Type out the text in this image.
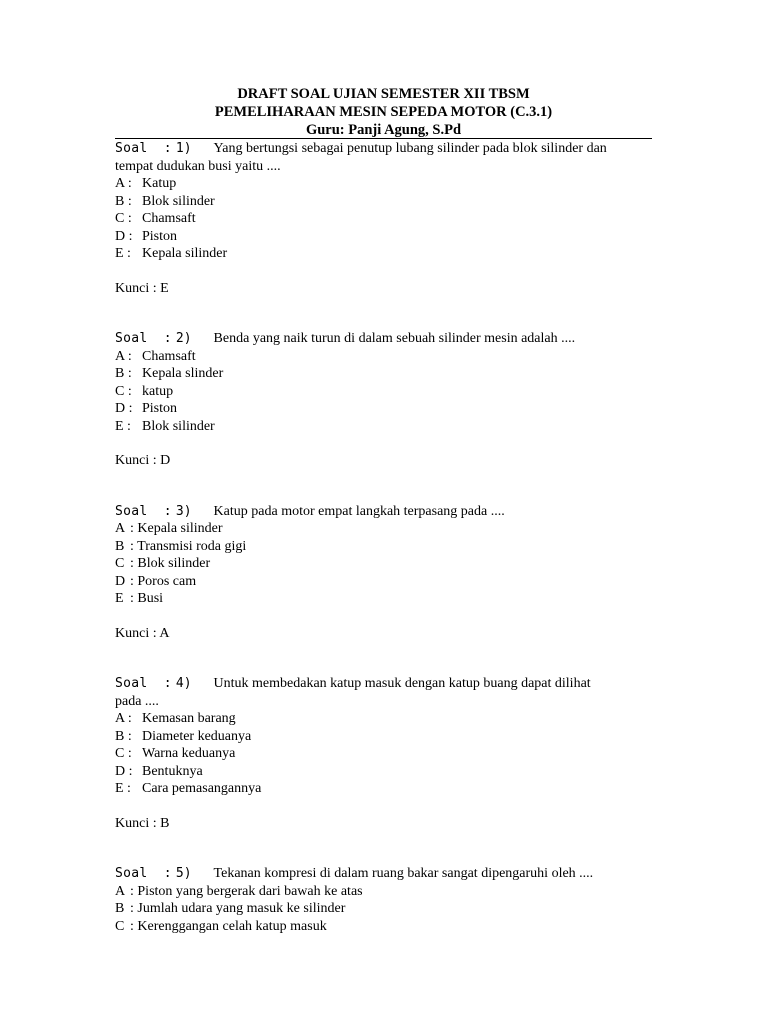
DRAFT SOAL UJIAN SEMESTER XII TBSM
PEMELIHARAAN MESIN SEPEDA MOTOR (C.3.1)
Guru: Panji Agung, S.Pd
Soal  : 1) Yang bertungsi sebagai penutup lubang silinder pada blok silinder dan
tempat dudukan busi yaitu ....
A : Katup
B : Blok silinder
C : Chamsaft
D : Piston
E : Kepala silinder
Kunci : E
Soal  : 2) Benda yang naik turun di dalam sebuah silinder mesin adalah ....
A : Chamsaft
B : Kepala slinder
C : katup
D : Piston
E : Blok silinder
Kunci : D
Soal  : 3) Katup pada motor empat langkah terpasang pada ....
A : Kepala silinder
B : Transmisi roda gigi
C : Blok silinder
D : Poros cam
E : Busi
Kunci : A
Soal  : 4) Untuk membedakan katup masuk dengan katup buang dapat dilihat
pada ....
A : Kemasan barang
B : Diameter keduanya
C : Warna keduanya
D : Bentuknya
E : Cara pemasangannya
Kunci : B
Soal  : 5) Tekanan kompresi di dalam ruang bakar sangat dipengaruhi oleh ....
A : Piston yang bergerak dari bawah ke atas
B : Jumlah udara yang masuk ke silinder
C : Kerenggangan celah katup masuk
